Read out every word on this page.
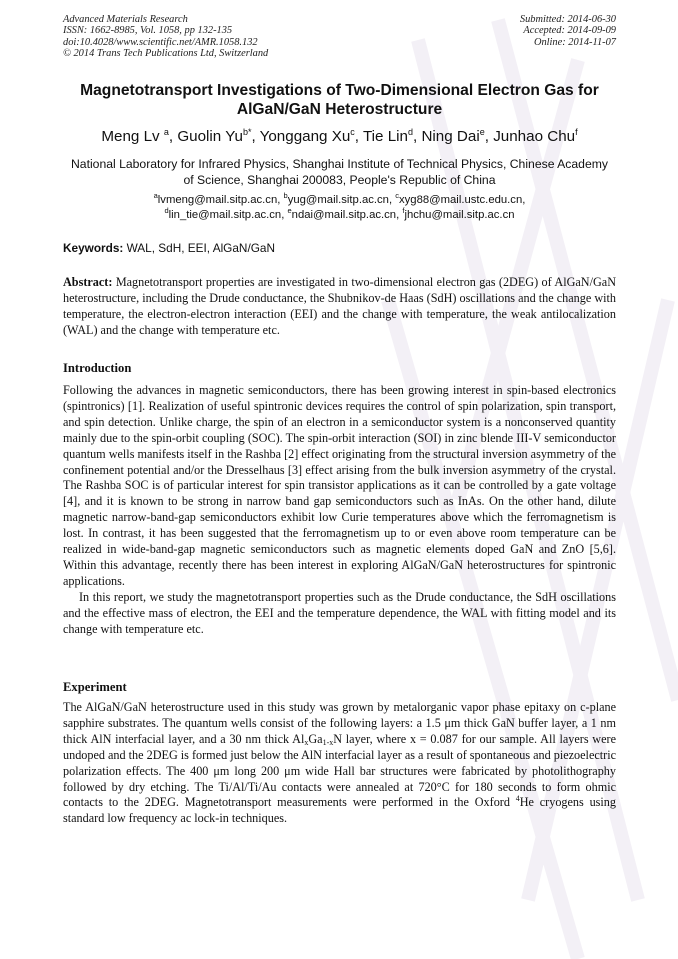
Advanced Materials Research
ISSN: 1662-8985, Vol. 1058, pp 132-135
doi:10.4028/www.scientific.net/AMR.1058.132
© 2014 Trans Tech Publications Ltd, Switzerland
Submitted: 2014-06-30
Accepted: 2014-09-09
Online: 2014-11-07
Magnetotransport Investigations of Two-Dimensional Electron Gas for
AlGaN/GaN Heterostructure
Meng Lv $^a$, Guolin $Yu^{b*}$, Yonggang Xu$^c$, Tie Lin$^d$, Ning Dai$^e$, Junhao Chu$^f$
National Laboratory for Infrared Physics, Shanghai Institute of Technical Physics, Chinese Academy
of Science, Shanghai 200083, People's Republic of China
$^a$lvmeng@mail.sitp.ac.cn, $^b$yug@mail.sitp.ac.cn, $^c$xyg88@mail.ustc.edu.cn,
$^d$lin_tie@mail.sitp.ac.cn, $^e$ndai@mail.sitp.ac.cn, $^f$jhchu@mail.sitp.ac.cn
Keywords: WAL, SdH, EEI, AlGaN/GaN

Abstract: Magnetotransport properties are investigated in two-dimensional electron gas (2DEG) of AlGaN/GaN heterostructure, including the Drude conductance, the Shubnikov-de Haas (SdH) oscillations and the change with temperature, the electron-electron interaction (EEI) and the change with temperature, the weak antilocalization (WAL) and the change with temperature etc.

Introduction

Following the advances in magnetic semiconductors, there has been growing interest in spin-based electronics (spintronics) [1]. Realization of useful spintronic devices requires the control of spin polarization, spin transport, and spin detection. Unlike charge, the spin of an electron in a semiconductor system is a nonconserved quantity mainly due to the spin-orbit coupling (SOC). The spin-orbit interaction (SOI) in zinc blende III-V semiconductor quantum wells manifests itself in the Rashba [2] effect originating from the structural inversion asymmetry of the confinement potential and/or the Dresselhaus [3] effect arising from the bulk inversion asymmetry of the crystal. The Rashba SOC is of particular interest for spin transistor applications as it can be controlled by a gate voltage [4], and it is known to be strong in narrow band gap semiconductors such as InAs. On the other hand, dilute magnetic narrow-band-gap semiconductors exhibit low Curie temperatures above which the ferromagnetism is lost. In contrast, it has been suggested that the ferromagnetism up to or even above room temperature can be realized in wide-band-gap magnetic semiconductors such as magnetic elements doped GaN and ZnO [5,6]. Within this advantage, recently there has been interest in exploring AlGaN/GaN heterostructures for spintronic applications.

In this report, we study the magnetotransport properties such as the Drude conductance, the SdH oscillations and the effective mass of electron, the EEI and the temperature dependence, the WAL with fitting model and its change with temperature etc.

Experiment

The AlGaN/GaN heterostructure used in this study was grown by metalorganic vapor phase epitaxy on c-plane sapphire substrates. The quantum wells consist of the following layers: a 1.5 μm thick GaN buffer layer, a 1 nm thick AlN interfacial layer, and a 30 nm thick $Al_xGa_{1-x}N$ layer, where x = 0.087 for our sample. All layers were undoped and the 2DEG is formed just below the AlN interfacial layer as a result of spontaneous and piezoelectric polarization effects. The 400 μm long 200 μm wide Hall bar structures were fabricated by photolithography followed by dry etching. The Ti/Al/Ti/Au contacts were annealed at 720°C for 180 seconds to form ohmic contacts to the 2DEG. Magnetotransport measurements were performed in the Oxford $^4$He cryogens using standard low frequency ac lock-in techniques.
